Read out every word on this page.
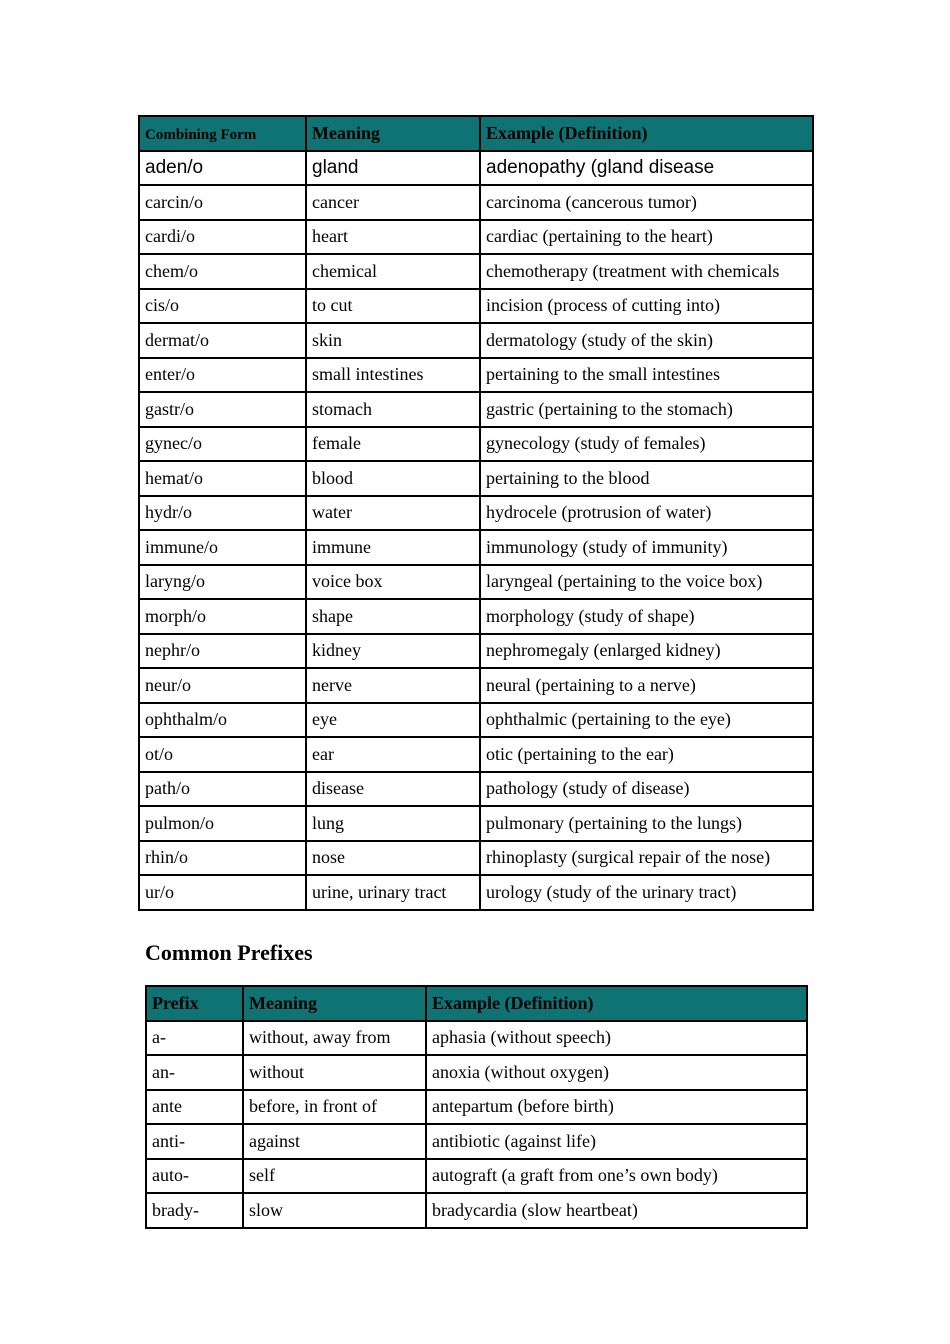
Combining Form	Meaning	Example (Definition)
aden/o	gland	adenopathy (gland disease
carcin/o	cancer	carcinoma (cancerous tumor)
cardi/o	heart	cardiac (pertaining to the heart)
chem/o	chemical	chemotherapy (treatment with chemicals
cis/o	to cut	incision (process of cutting into)
dermat/o	skin	dermatology (study of the skin)
enter/o	small intestines	pertaining to the small intestines
gastr/o	stomach	gastric (pertaining to the stomach)
gynec/o	female	gynecology (study of females)
hemat/o	blood	pertaining to the blood
hydr/o	water	hydrocele (protrusion of water)
immune/o	immune	immunology (study of immunity)
laryng/o	voice box	laryngeal (pertaining to the voice box)
morph/o	shape	morphology (study of shape)
nephr/o	kidney	nephromegaly (enlarged kidney)
neur/o	nerve	neural (pertaining to a nerve)
ophthalm/o	eye	ophthalmic (pertaining to the eye)
ot/o	ear	otic (pertaining to the ear)
path/o	disease	pathology (study of disease)
pulmon/o	lung	pulmonary (pertaining to the lungs)
rhin/o	nose	rhinoplasty (surgical repair of the nose)
ur/o	urine, urinary tract	urology (study of the urinary tract)
Common Prefixes
Prefix	Meaning	Example (Definition)
a-	without, away from	aphasia (without speech)
an-	without	anoxia (without oxygen)
ante	before, in front of	antepartum (before birth)
anti-	against	antibiotic (against life)
auto-	self	autograft (a graft from one’s own body)
brady-	slow	bradycardia (slow heartbeat)
